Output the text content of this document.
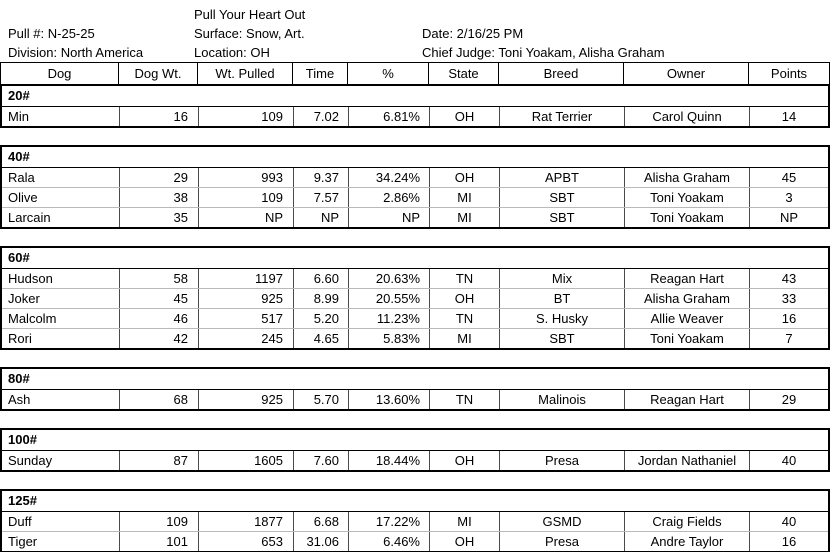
Pull Your Heart Out
Pull #: N-25-25	Surface: Snow, Art.	Date: 2/16/25 PM
Division: North America	Location: OH	Chief Judge: Toni Yoakam, Alisha Graham
Dog	Dog Wt.	Wt. Pulled	Time	%	State	Breed	Owner	Points
20#
Min	16	109	7.02	6.81%	OH	Rat Terrier	Carol Quinn	14
40#
Rala	29	993	9.37	34.24%	OH	APBT	Alisha Graham	45
Olive	38	109	7.57	2.86%	MI	SBT	Toni Yoakam	3
Larcain	35	NP	NP	NP	MI	SBT	Toni Yoakam	NP
60#
Hudson	58	1197	6.60	20.63%	TN	Mix	Reagan Hart	43
Joker	45	925	8.99	20.55%	OH	BT	Alisha Graham	33
Malcolm	46	517	5.20	11.23%	TN	S. Husky	Allie Weaver	16
Rori	42	245	4.65	5.83%	MI	SBT	Toni Yoakam	7
80#
Ash	68	925	5.70	13.60%	TN	Malinois	Reagan Hart	29
100#
Sunday	87	1605	7.60	18.44%	OH	Presa	Jordan Nathaniel	40
125#
Duff	109	1877	6.68	17.22%	MI	GSMD	Craig Fields	40
Tiger	101	653	31.06	6.46%	OH	Presa	Andre Taylor	16
